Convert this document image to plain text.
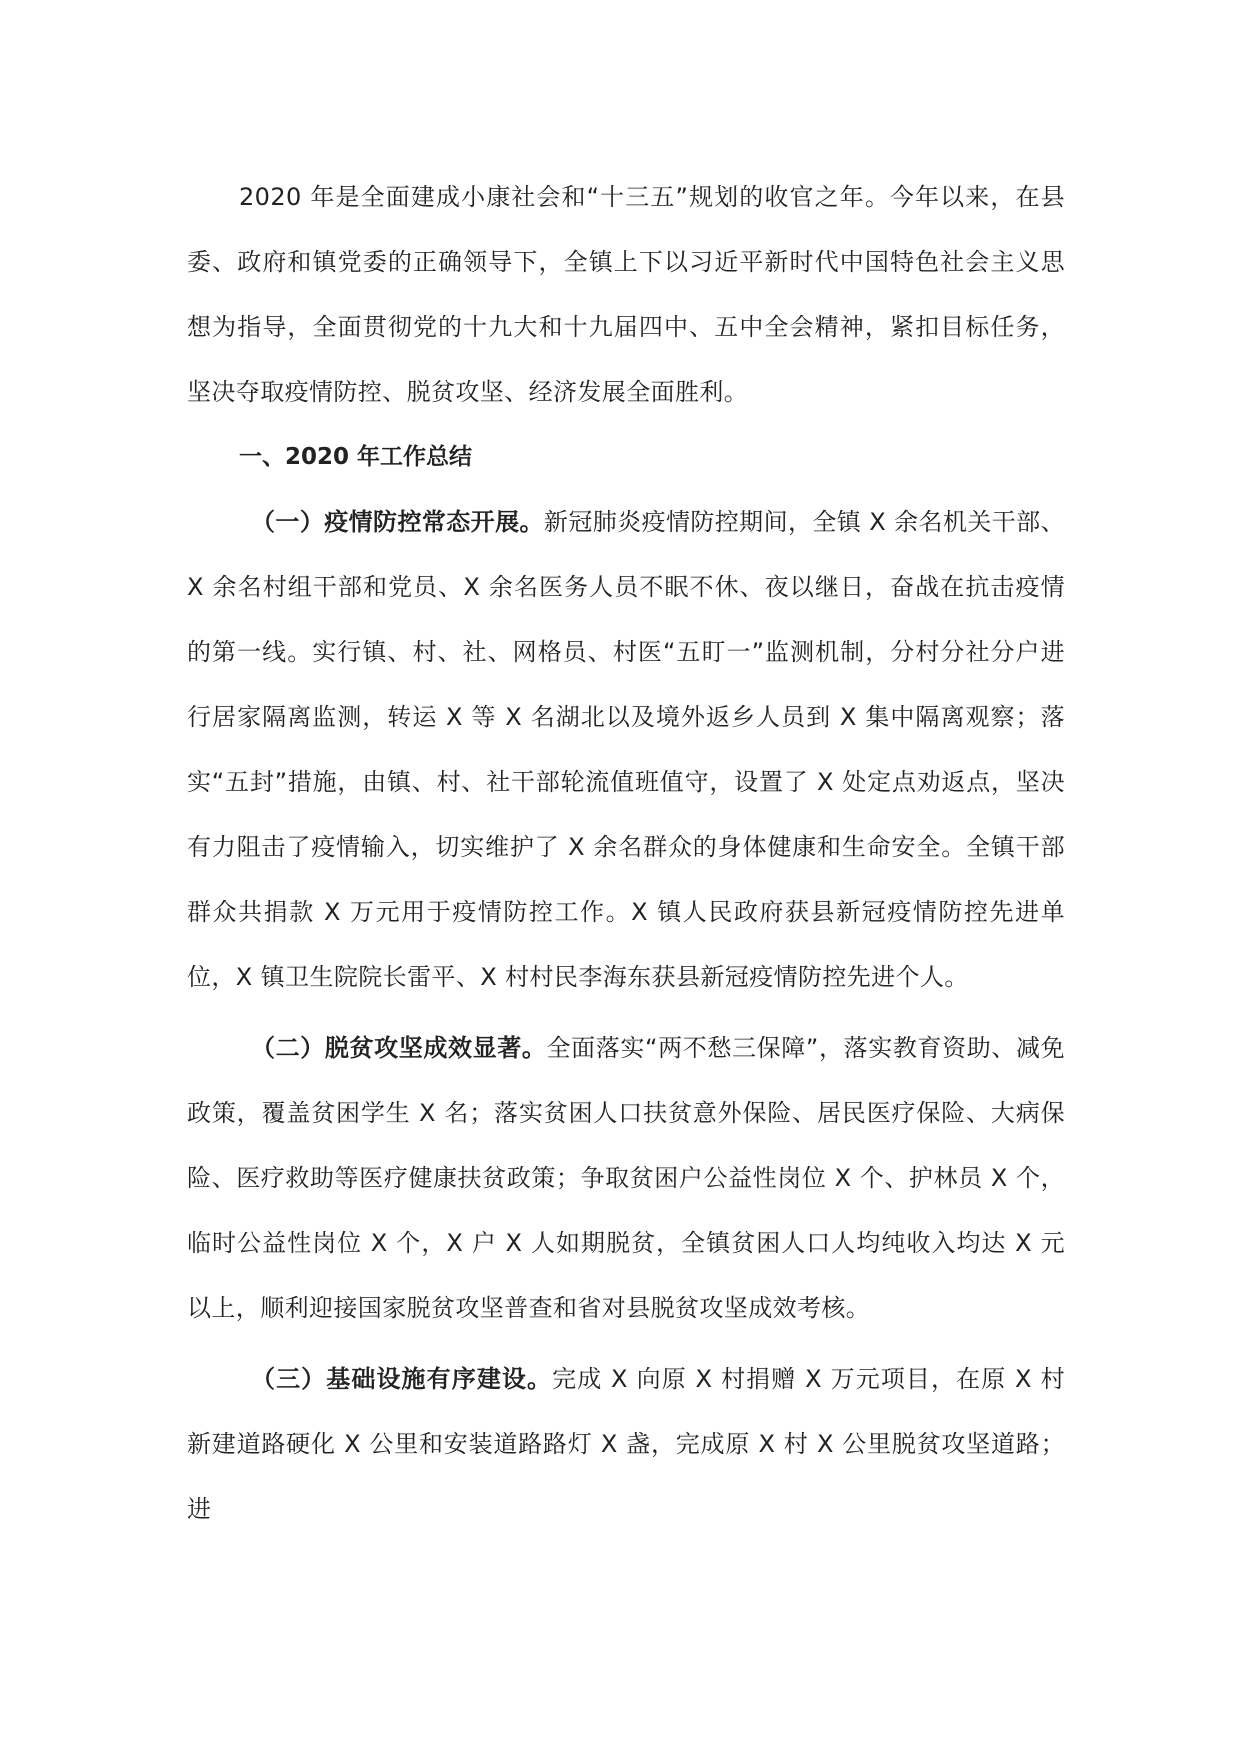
2020 年是全面建成小康社会和“十三五”规划的收官之年。今年以来，在县委、政府和镇党委的正确领导下，全镇上下以习近平新时代中国特色社会主义思想为指导，全面贯彻党的十九大和十九届四中、五中全会精神，紧扣目标任务，坚决夺取疫情防控、脱贫攻坚、经济发展全面胜利。

一、2020 年工作总结

（一）疫情防控常态开展。新冠肺炎疫情防控期间，全镇 X 余名机关干部、X 余名村组干部和党员、X 余名医务人员不眠不休、夜以继日，奋战在抗击疫情的第一线。实行镇、村、社、网格员、村医“五盯一”监测机制，分村分社分户进行居家隔离监测，转运 X 等 X 名湖北以及境外返乡人员到 X 集中隔离观察；落实“五封”措施，由镇、村、社干部轮流值班值守，设置了 X 处定点劝返点，坚决有力阻击了疫情输入，切实维护了 X 余名群众的身体健康和生命安全。全镇干部群众共捐款 X 万元用于疫情防控工作。X 镇人民政府获县新冠疫情防控先进单位，X 镇卫生院院长雷平、X 村村民李海东获县新冠疫情防控先进个人。

（二）脱贫攻坚成效显著。全面落实“两不愁三保障”，落实教育资助、减免政策，覆盖贫困学生 X 名；落实贫困人口扶贫意外保险、居民医疗保险、大病保险、医疗救助等医疗健康扶贫政策；争取贫困户公益性岗位 X 个、护林员 X 个，临时公益性岗位 X 个，X 户 X 人如期脱贫，全镇贫困人口人均纯收入均达 X 元以上，顺利迎接国家脱贫攻坚普查和省对县脱贫攻坚成效考核。

（三）基础设施有序建设。完成 X 向原 X 村捐赠 X 万元项目，在原 X 村新建道路硬化 X 公里和安装道路路灯 X 盏，完成原 X 村 X 公里脱贫攻坚道路；进
